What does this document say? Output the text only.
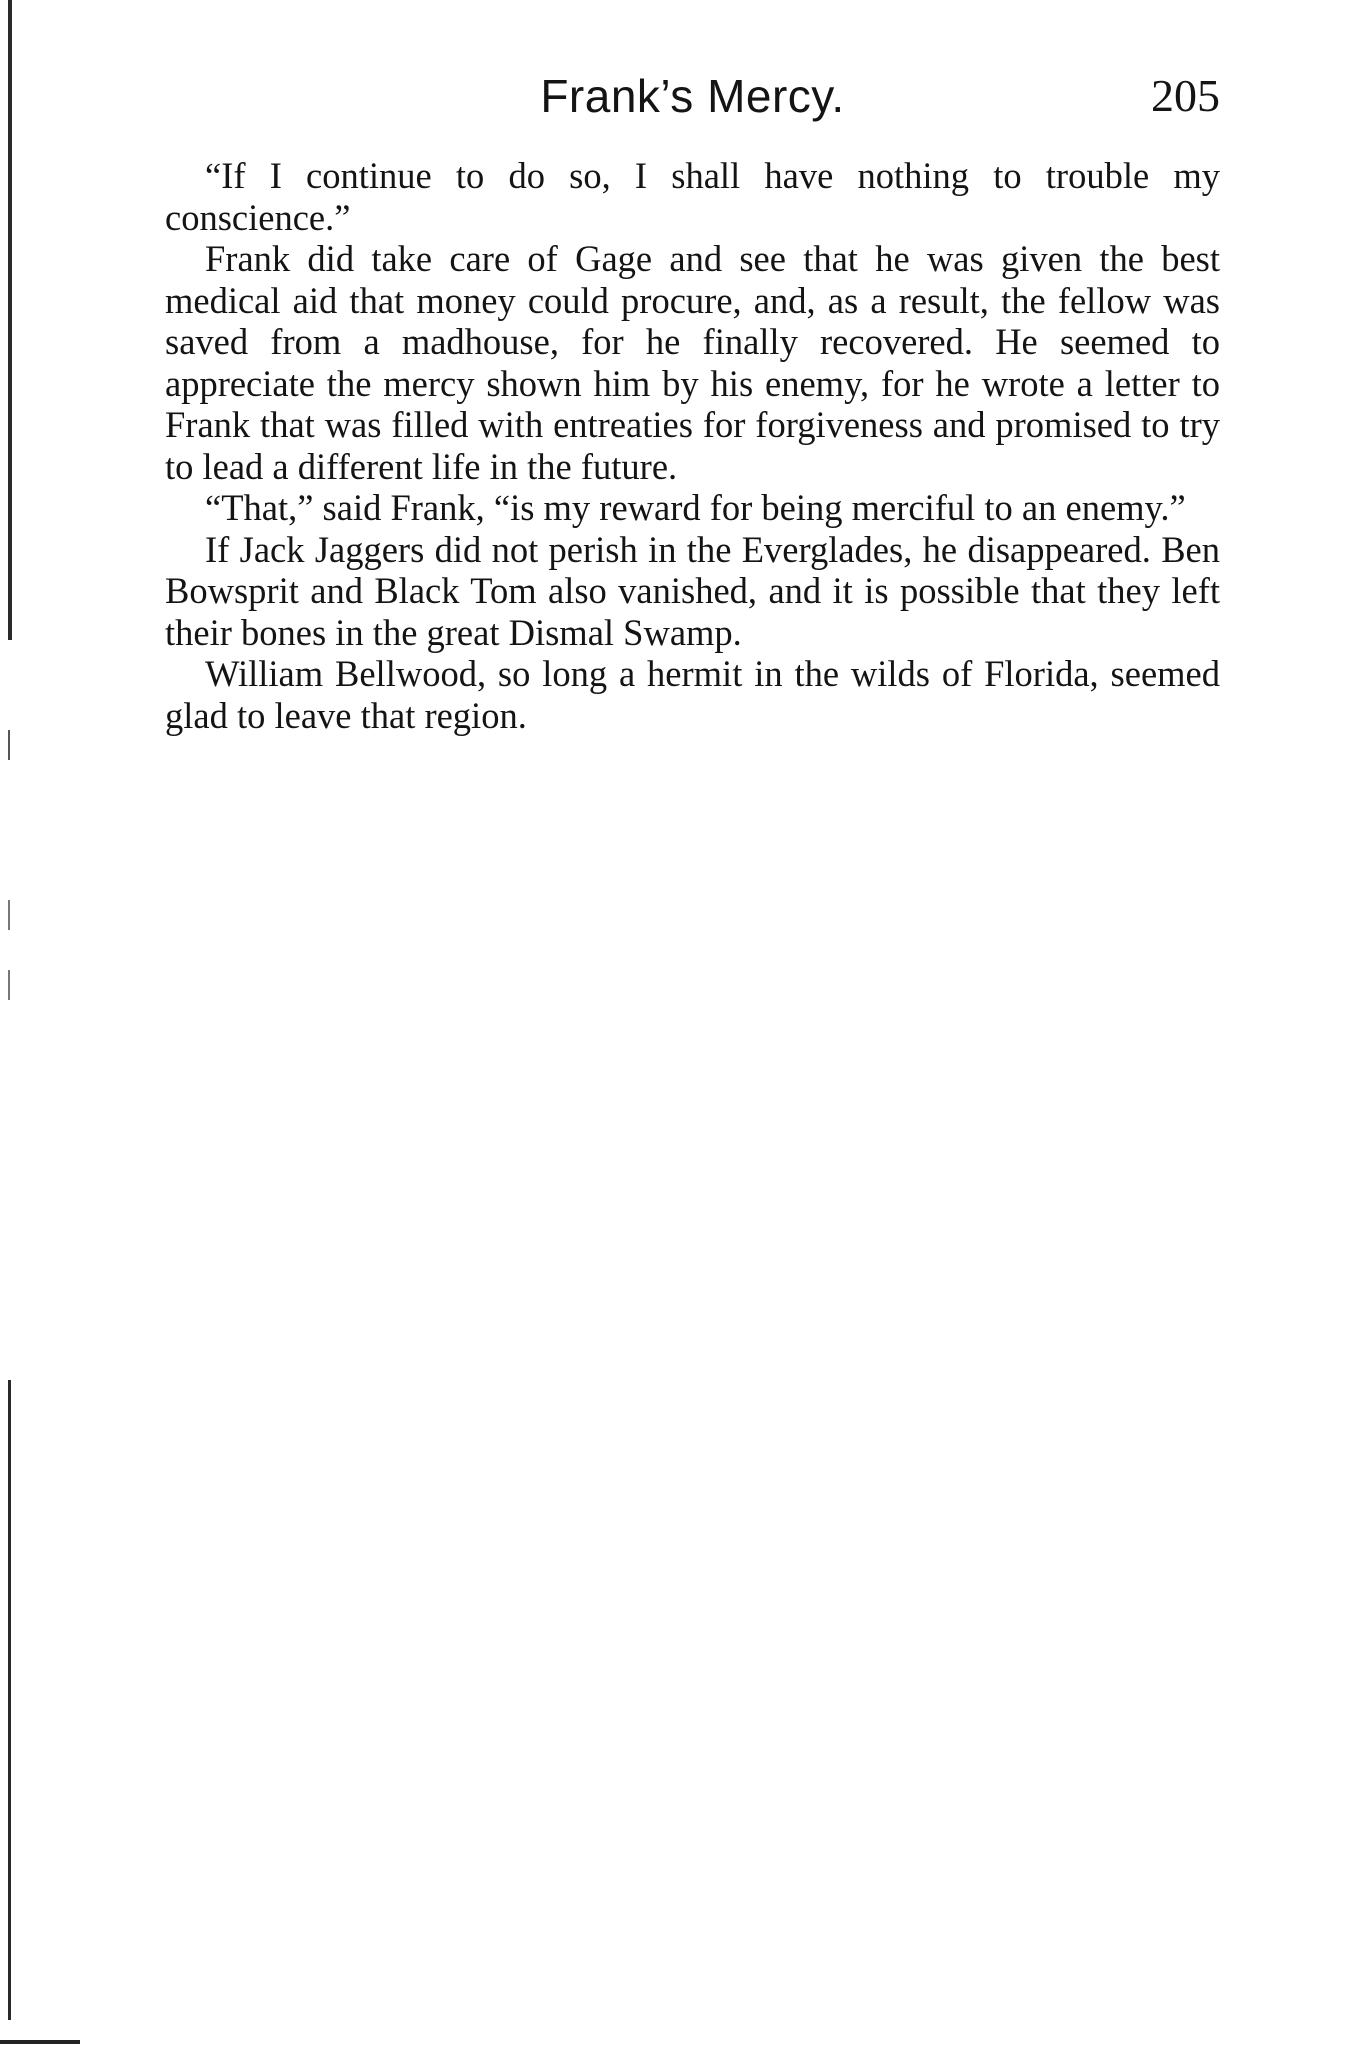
Frank’s Mercy.	205

“If I continue to do so, I shall have nothing to trouble my conscience.”

Frank did take care of Gage and see that he was given the best medical aid that money could procure, and, as a result, the fellow was saved from a madhouse, for he finally recovered. He seemed to appreciate the mercy shown him by his enemy, for he wrote a letter to Frank that was filled with entreaties for forgiveness and promised to try to lead a different life in the future.

“That,” said Frank, “is my reward for being merciful to an enemy.”

If Jack Jaggers did not perish in the Everglades, he disappeared. Ben Bowsprit and Black Tom also vanished, and it is possible that they left their bones in the great Dismal Swamp.

William Bellwood, so long a hermit in the wilds of Florida, seemed glad to leave that region.
